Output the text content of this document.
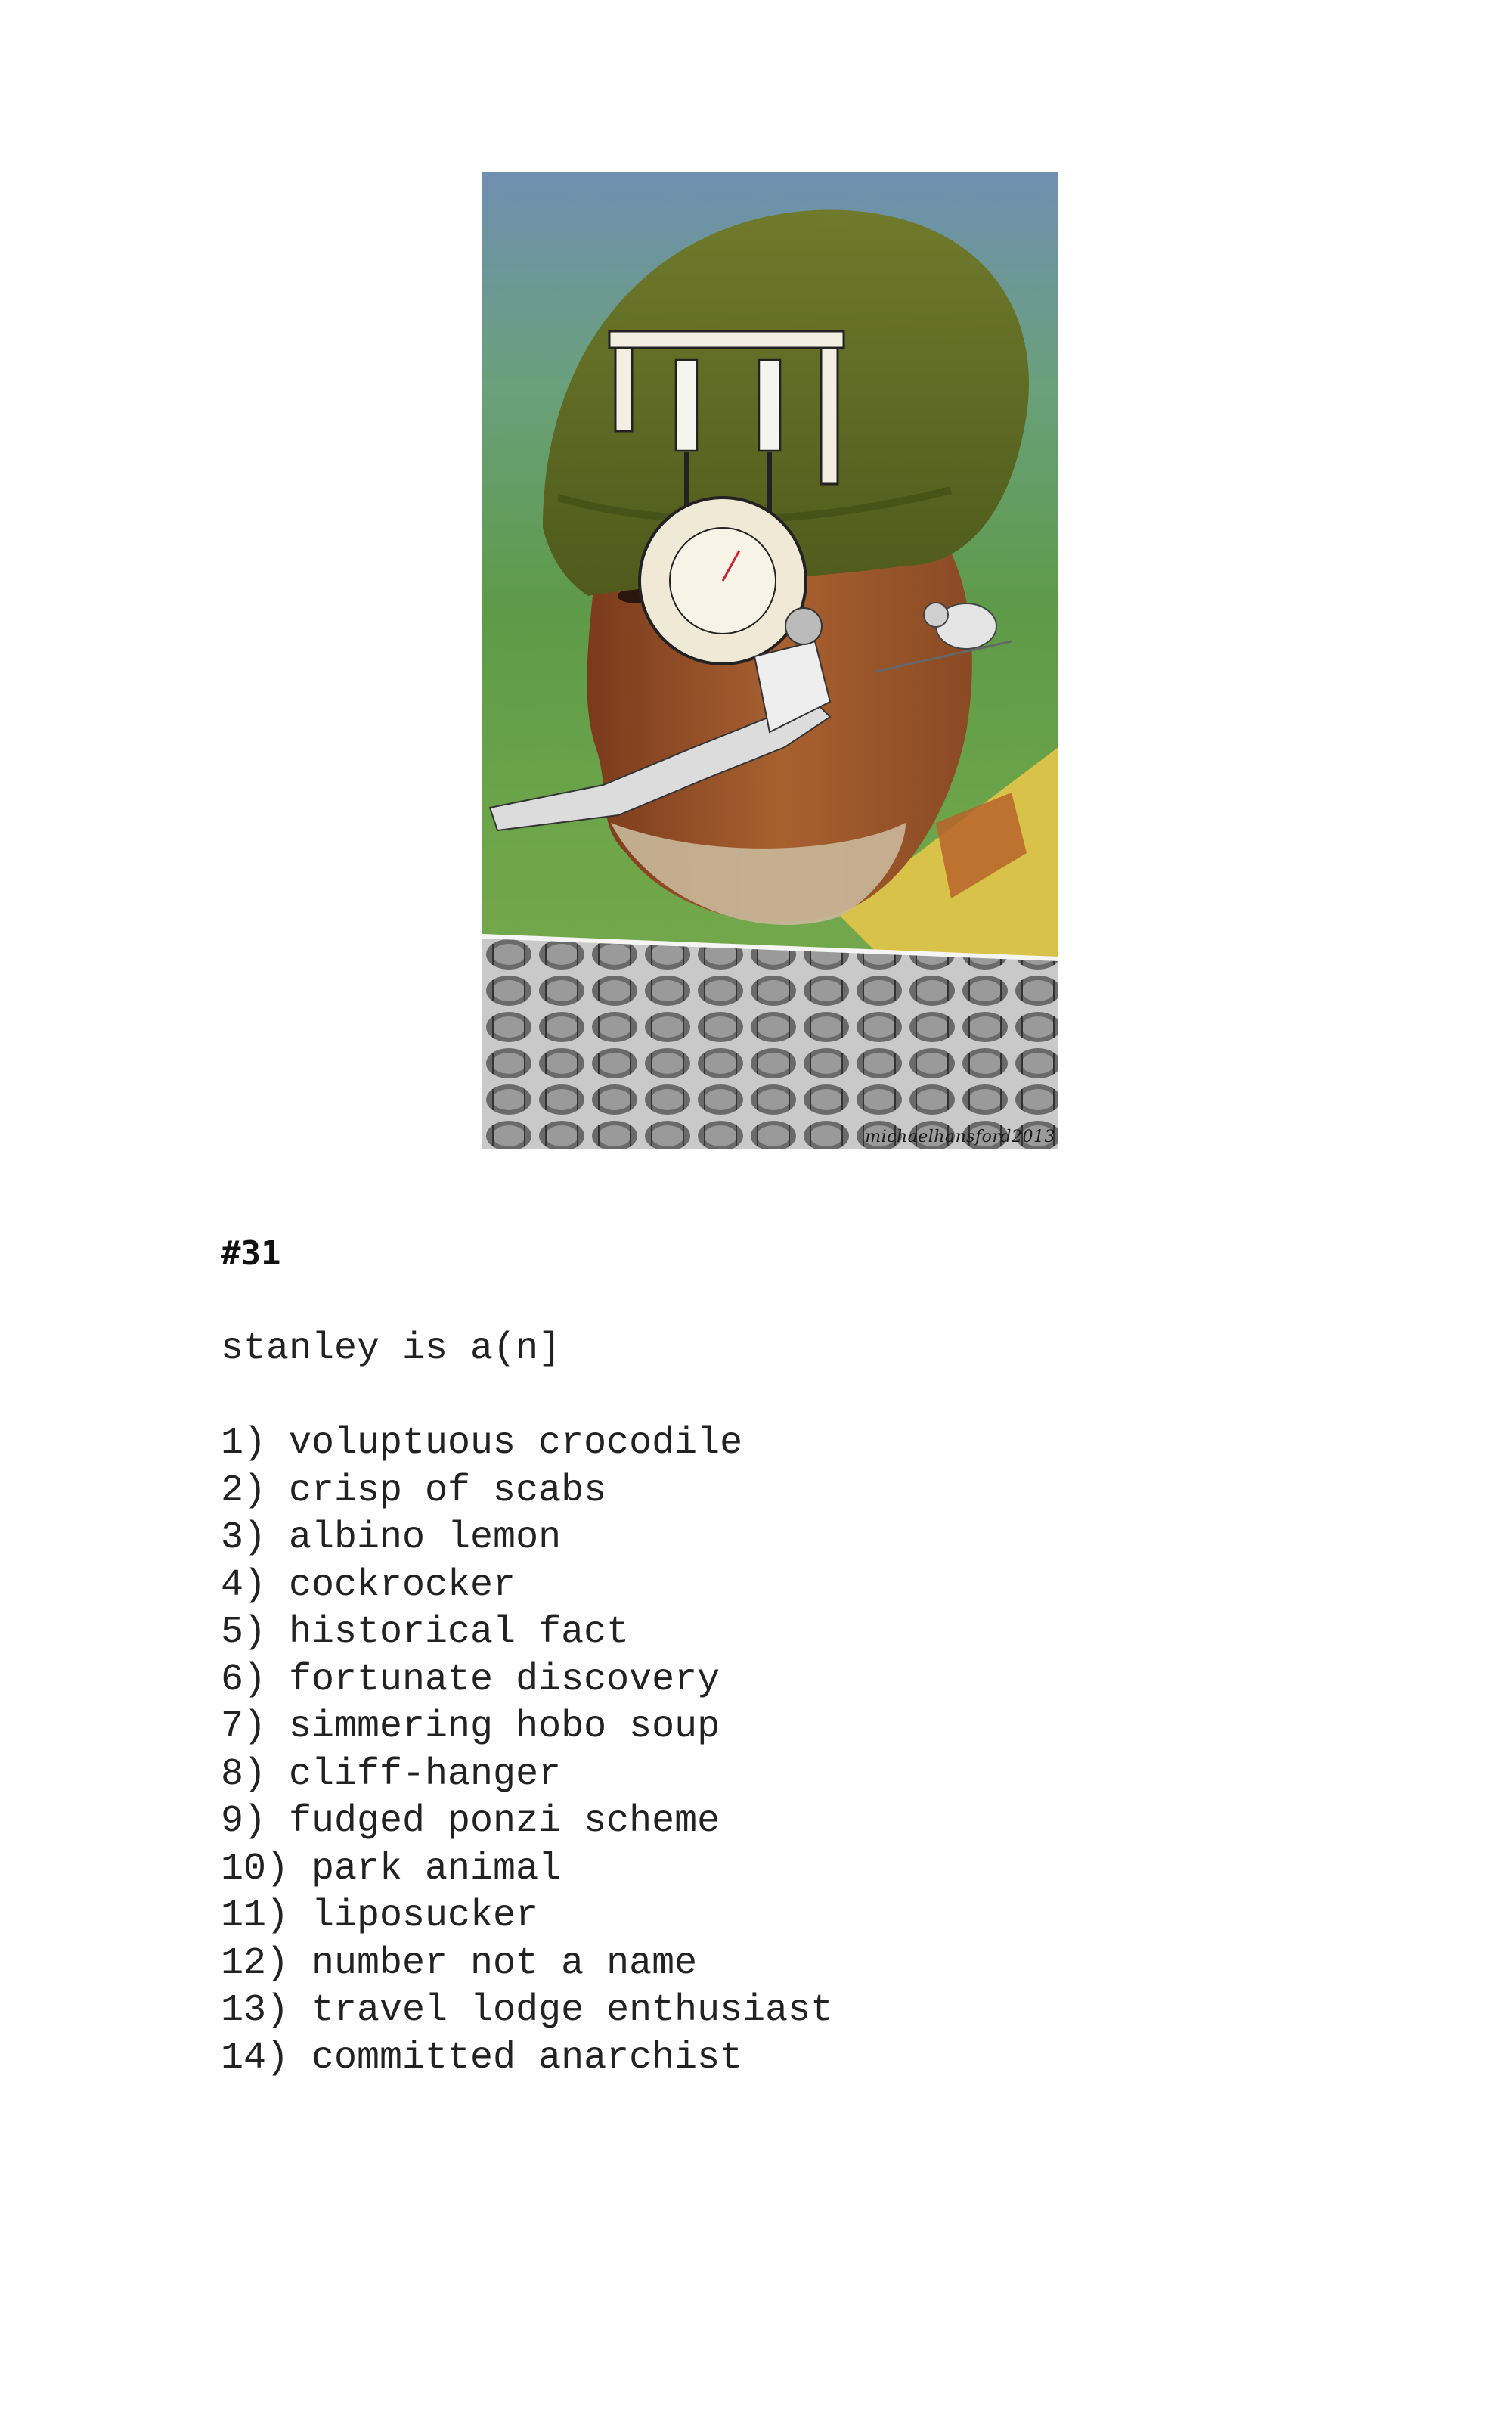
michaelhansford2013
#31

stanley is a(n]

1) voluptuous crocodile
2) crisp of scabs
3) albino lemon
4) cockrocker
5) historical fact
6) fortunate discovery
7) simmering hobo soup
8) cliff-hanger
9) fudged ponzi scheme
10) park animal
11) liposucker
12) number not a name
13) travel lodge enthusiast
14) committed anarchist
